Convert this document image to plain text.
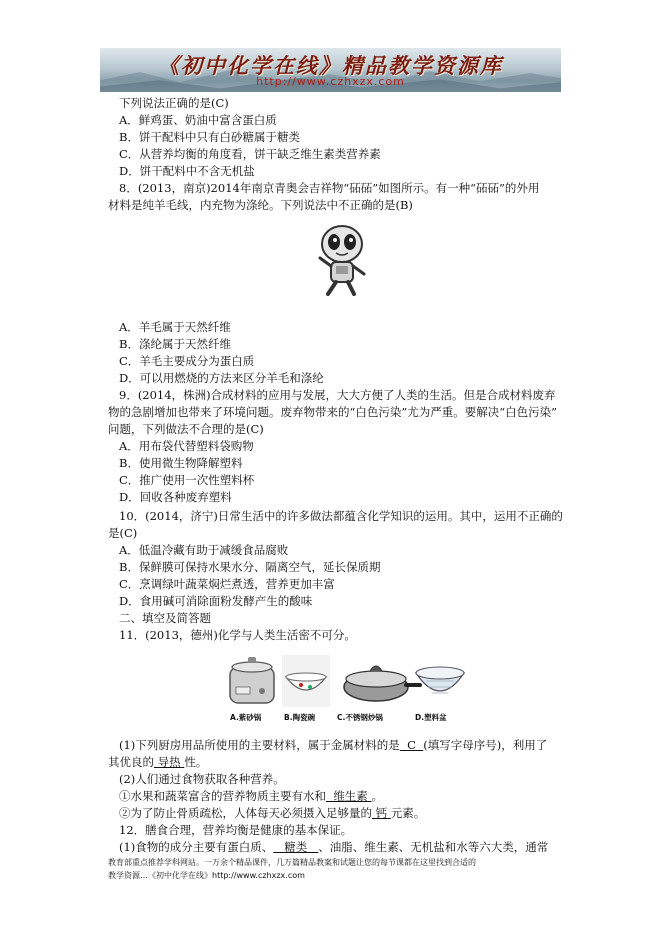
《初中化学在线》精品教学资源库
http://www.czhxzx.com
下列说法正确的是(C)
A．鲜鸡蛋、奶油中富含蛋白质
B．饼干配料中只有白砂糖属于糖类
C．从营养均衡的角度看，饼干缺乏维生素类营养素
D．饼干配料中不含无机盐
8．(2013，南京)2014年南京青奥会吉祥物“砳砳”如图所示。有一种“砳砳”的外用
材料是纯羊毛线，内充物为涤纶。下列说法中不正确的是(B)
A．羊毛属于天然纤维
B．涤纶属于天然纤维
C．羊毛主要成分为蛋白质
D．可以用燃烧的方法来区分羊毛和涤纶
9．(2014，株洲)合成材料的应用与发展，大大方便了人类的生活。但是合成材料废弃
物的急剧增加也带来了环境问题。废弃物带来的“白色污染”尤为严重。要解决“白色污染”
问题，下列做法不合理的是(C)
A．用布袋代替塑料袋购物
B．使用微生物降解塑料
C．推广使用一次性塑料杯
D．回收各种废弃塑料
10．(2014，济宁)日常生活中的许多做法都蕴含化学知识的运用。其中，运用不正确的
是(C)
A．低温冷藏有助于减缓食品腐败
B．保鲜膜可保持水果水分、隔离空气，延长保质期
C．烹调绿叶蔬菜焖烂煮透，营养更加丰富
D．食用碱可消除面粉发酵产生的酸味
二、填空及简答题
11．(2013，德州)化学与人类生活密不可分。
A.紫砂锅	B.陶瓷碗	C.不锈钢炒锅	D.塑料盆
(1)下列厨房用品所使用的主要材料，属于金属材料的是 C (填写字母序号)，利用了
其优良的 导热 性。
(2)人们通过食物获取各种营养。
①水果和蔬菜富含的营养物质主要有水和 维生素 。
②为了防止骨质疏松，人体每天必须摄入足够量的 钙 元素。
12．膳食合理，营养均衡是健康的基本保证。
(1)食物的成分主要有蛋白质、 糖类 、油脂、维生素、无机盐和水等六大类，通常
教育部重点推荐学科网站。一万余个精品课件，几万篇精品教案和试题让您的每节课都在这里找到合适的
教学资源…《初中化学在线》http://www.czhxzx.com
